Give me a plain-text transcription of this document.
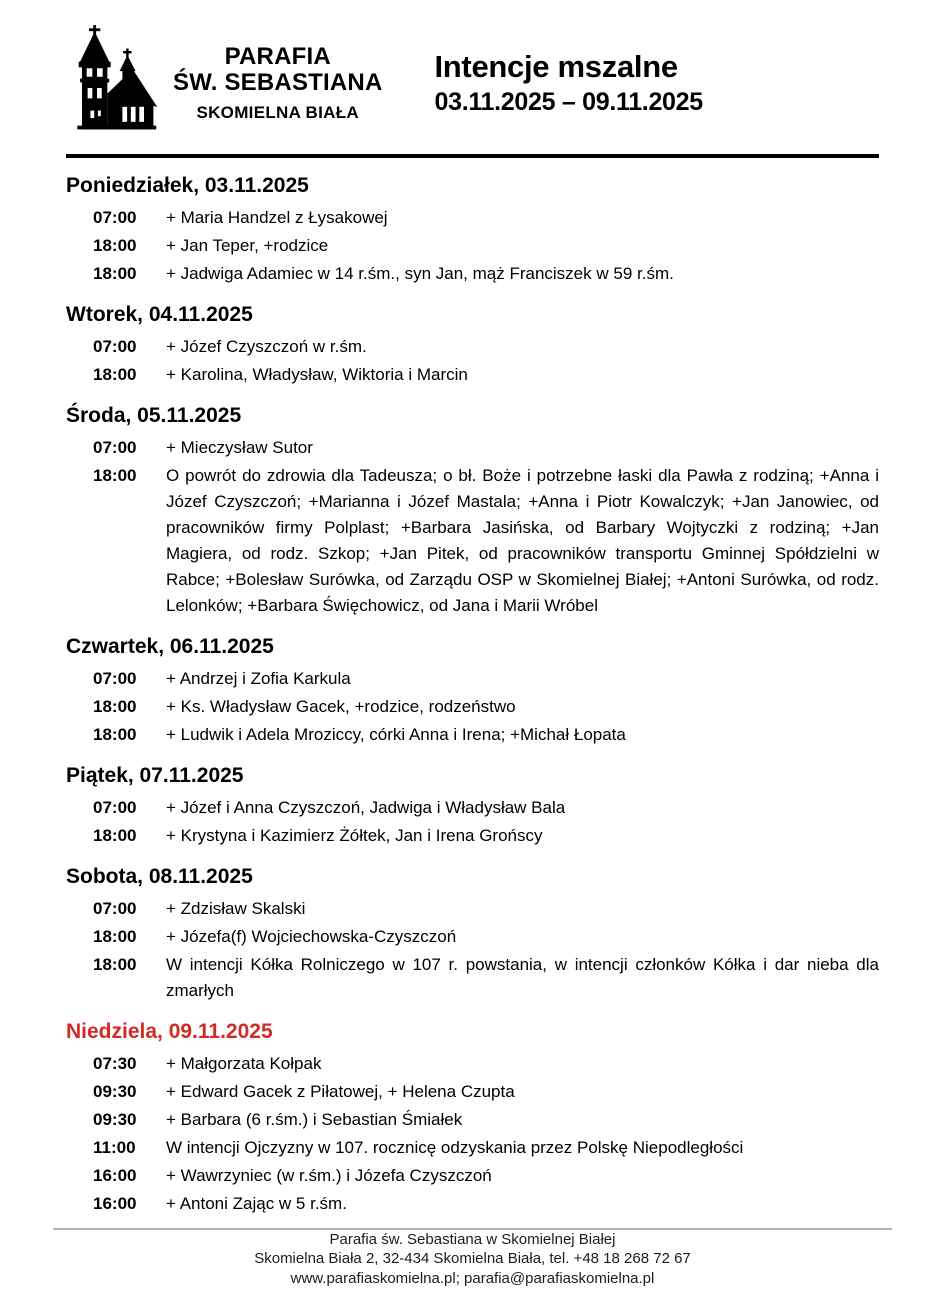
PARAFIA
ŚW. SEBASTIANA
SKOMIELNA BIAŁA
Intencje mszalne
03.11.2025 – 09.11.2025
Poniedziałek, 03.11.2025
07:00	+ Maria Handzel z Łysakowej
18:00	+ Jan Teper, +rodzice
18:00	+ Jadwiga Adamiec w 14 r.śm., syn Jan, mąż Franciszek w 59 r.śm.
Wtorek, 04.11.2025
07:00	+ Józef Czyszczoń w r.śm.
18:00	+ Karolina, Władysław, Wiktoria i Marcin
Środa, 05.11.2025
07:00	+ Mieczysław Sutor
18:00	O powrót do zdrowia dla Tadeusza; o bł. Boże i potrzebne łaski dla Pawła z rodziną; +Anna i Józef Czyszczoń; +Marianna i Józef Mastala; +Anna i Piotr Kowalczyk; +Jan Janowiec, od pracowników firmy Polplast; +Barbara Jasińska, od Barbary Wojtyczki z rodziną; +Jan Magiera, od rodz. Szkop; +Jan Pitek, od pracowników transportu Gminnej Spółdzielni w Rabce; +Bolesław Surówka, od Zarządu OSP w Skomielnej Białej; +Antoni Surówka, od rodz. Lelonków; +Barbara Święchowicz, od Jana i Marii Wróbel
Czwartek, 06.11.2025
07:00	+ Andrzej i Zofia Karkula
18:00	+ Ks. Władysław Gacek, +rodzice, rodzeństwo
18:00	+ Ludwik i Adela Mroziccy, córki Anna i Irena; +Michał Łopata
Piątek, 07.11.2025
07:00	+ Józef i Anna Czyszczoń, Jadwiga i Władysław Bala
18:00	+ Krystyna i Kazimierz Żółtek, Jan i Irena Grońscy
Sobota, 08.11.2025
07:00	+ Zdzisław Skalski
18:00	+ Józefa(f) Wojciechowska-Czyszczoń
18:00	W intencji Kółka Rolniczego w 107 r. powstania, w intencji członków Kółka i dar nieba dla zmarłych
Niedziela, 09.11.2025
07:30	+ Małgorzata Kołpak
09:30	+ Edward Gacek z Piłatowej, + Helena Czupta
09:30	+ Barbara (6 r.śm.) i Sebastian Śmiałek
11:00	W intencji Ojczyzny w 107. rocznicę odzyskania przez Polskę Niepodległości
16:00	+ Wawrzyniec (w r.śm.) i Józefa Czyszczoń
16:00	+ Antoni Zając w 5 r.śm.
Parafia św. Sebastiana w Skomielnej Białej
Skomielna Biała 2, 32-434 Skomielna Biała, tel. +48 18 268 72 67
www.parafiaskomielna.pl; parafia@parafiaskomielna.pl
